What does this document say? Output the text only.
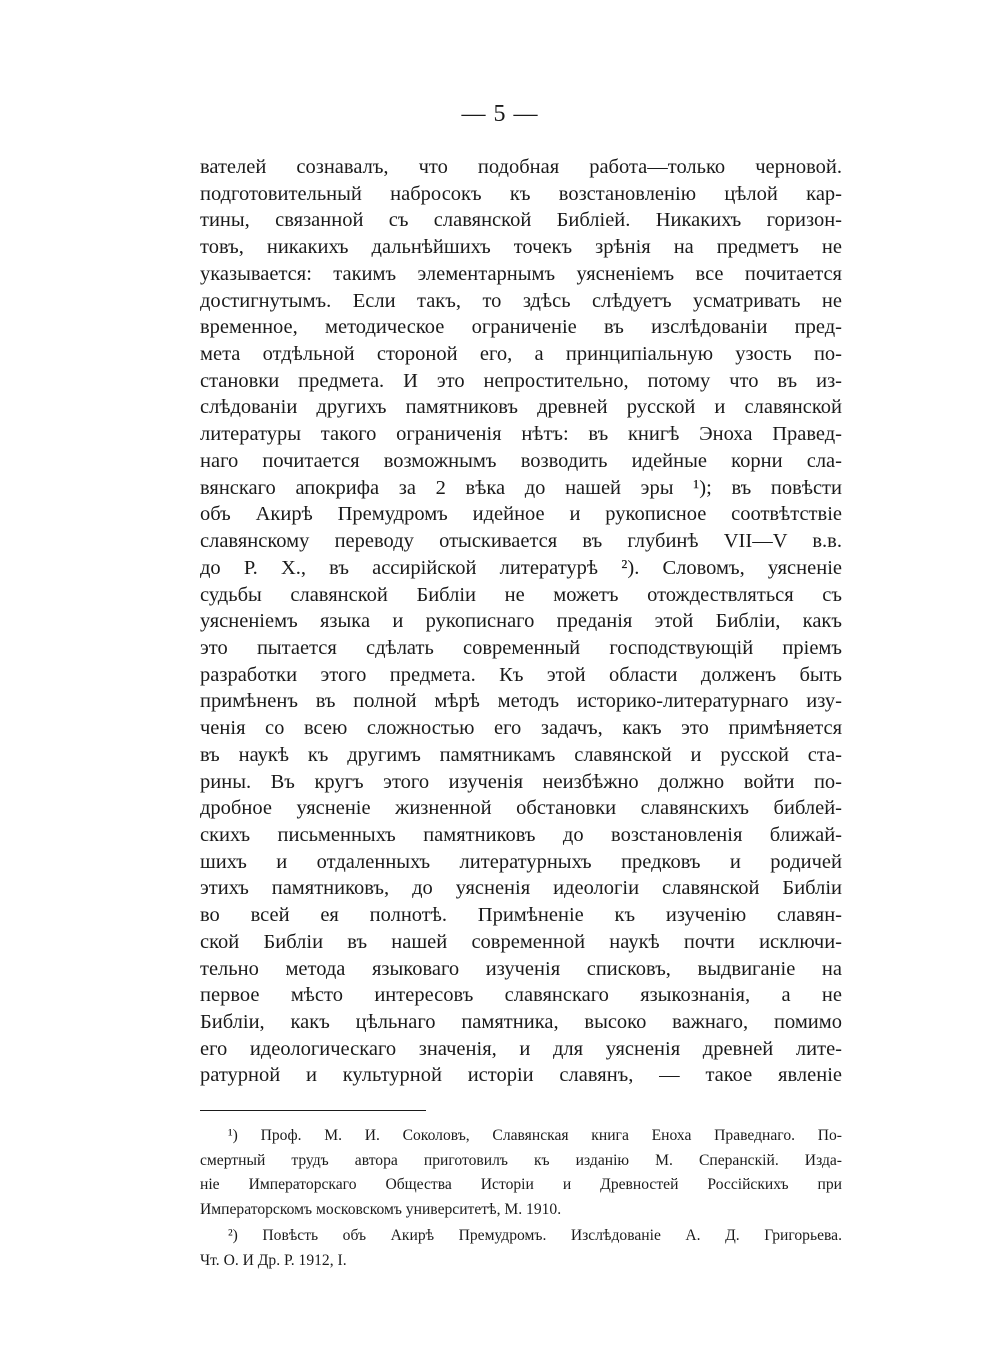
— 5 —
вателей сознавалъ, что подобная работа—только черновой.
подготовительный набросокъ къ возстановленію цѣлой кар-
тины, связанной съ славянской Библіей. Никакихъ горизон-
товъ, никакихъ дальнѣйшихъ точекъ зрѣнія на предметъ не
указывается: такимъ элементарнымъ уясненіемъ все почитается
достигнутымъ. Если такъ, то здѣсь слѣдуетъ усматривать не
временное, методическое ограниченіе въ изслѣдованіи пред-
мета отдѣльной стороной его, а принципіальную узость по-
становки предмета. И это непростительно, потому что въ из-
слѣдованіи другихъ памятниковъ древней русской и славянской
литературы такого ограниченія нѣтъ: въ книгѣ Эноха Правед-
наго почитается возможнымъ возводить идейные корни сла-
вянскаго апокрифа за 2 вѣка до нашей эры ¹); въ повѣсти
объ Акирѣ Премудромъ идейное и рукописное соотвѣтствіе
славянскому переводу отыскивается въ глубинѣ VII—V в.в.
до Р. Х., въ ассирійской литературѣ ²). Словомъ, уясненіе
судьбы славянской Библіи не можетъ отождествляться съ
уясненіемъ языка и рукописнаго преданія этой Библіи, какъ
это пытается сдѣлать современный господствующій пріемъ
разработки этого предмета. Къ этой области долженъ быть
примѣненъ въ полной мѣрѣ методъ историко-литературнаго изу-
ченія со всею сложностью его задачъ, какъ это примѣняется
въ наукѣ къ другимъ памятникамъ славянской и русской ста-
рины. Въ кругъ этого изученія неизбѣжно должно войти по-
дробное уясненіе жизненной обстановки славянскихъ библей-
скихъ письменныхъ памятниковъ до возстановленія ближай-
шихъ и отдаленныхъ литературныхъ предковъ и родичей
этихъ памятниковъ, до уясненія идеологіи славянской Библіи
во всей ея полнотѣ. Примѣненіе къ изученію славян-
ской Библіи въ нашей современной наукѣ почти исключи-
тельно метода языковаго изученія списковъ, выдвиганіе на
первое мѣсто интересовъ славянскаго языкознанія, а не
Библіи, какъ цѣльнаго памятника, высоко важнаго, помимо
его идеологическаго значенія, и для уясненія древней лите-
ратурной и культурной исторіи славянъ, — такое явленіе
¹) Проф. М. И. Соколовъ, Славянская книга Еноха Праведнаго. По-
смертный трудъ автора приготовилъ къ изданію М. Сперанскій. Изда-
ніе Императорскаго Общества Исторіи и Древностей Россійскихъ при
Императорскомъ московскомъ университетѣ, М. 1910.
²) Повѣсть объ Акирѣ Премудромъ. Изслѣдованіе А. Д. Григорьева.
Чт. О. И Др. Р. 1912, I.
